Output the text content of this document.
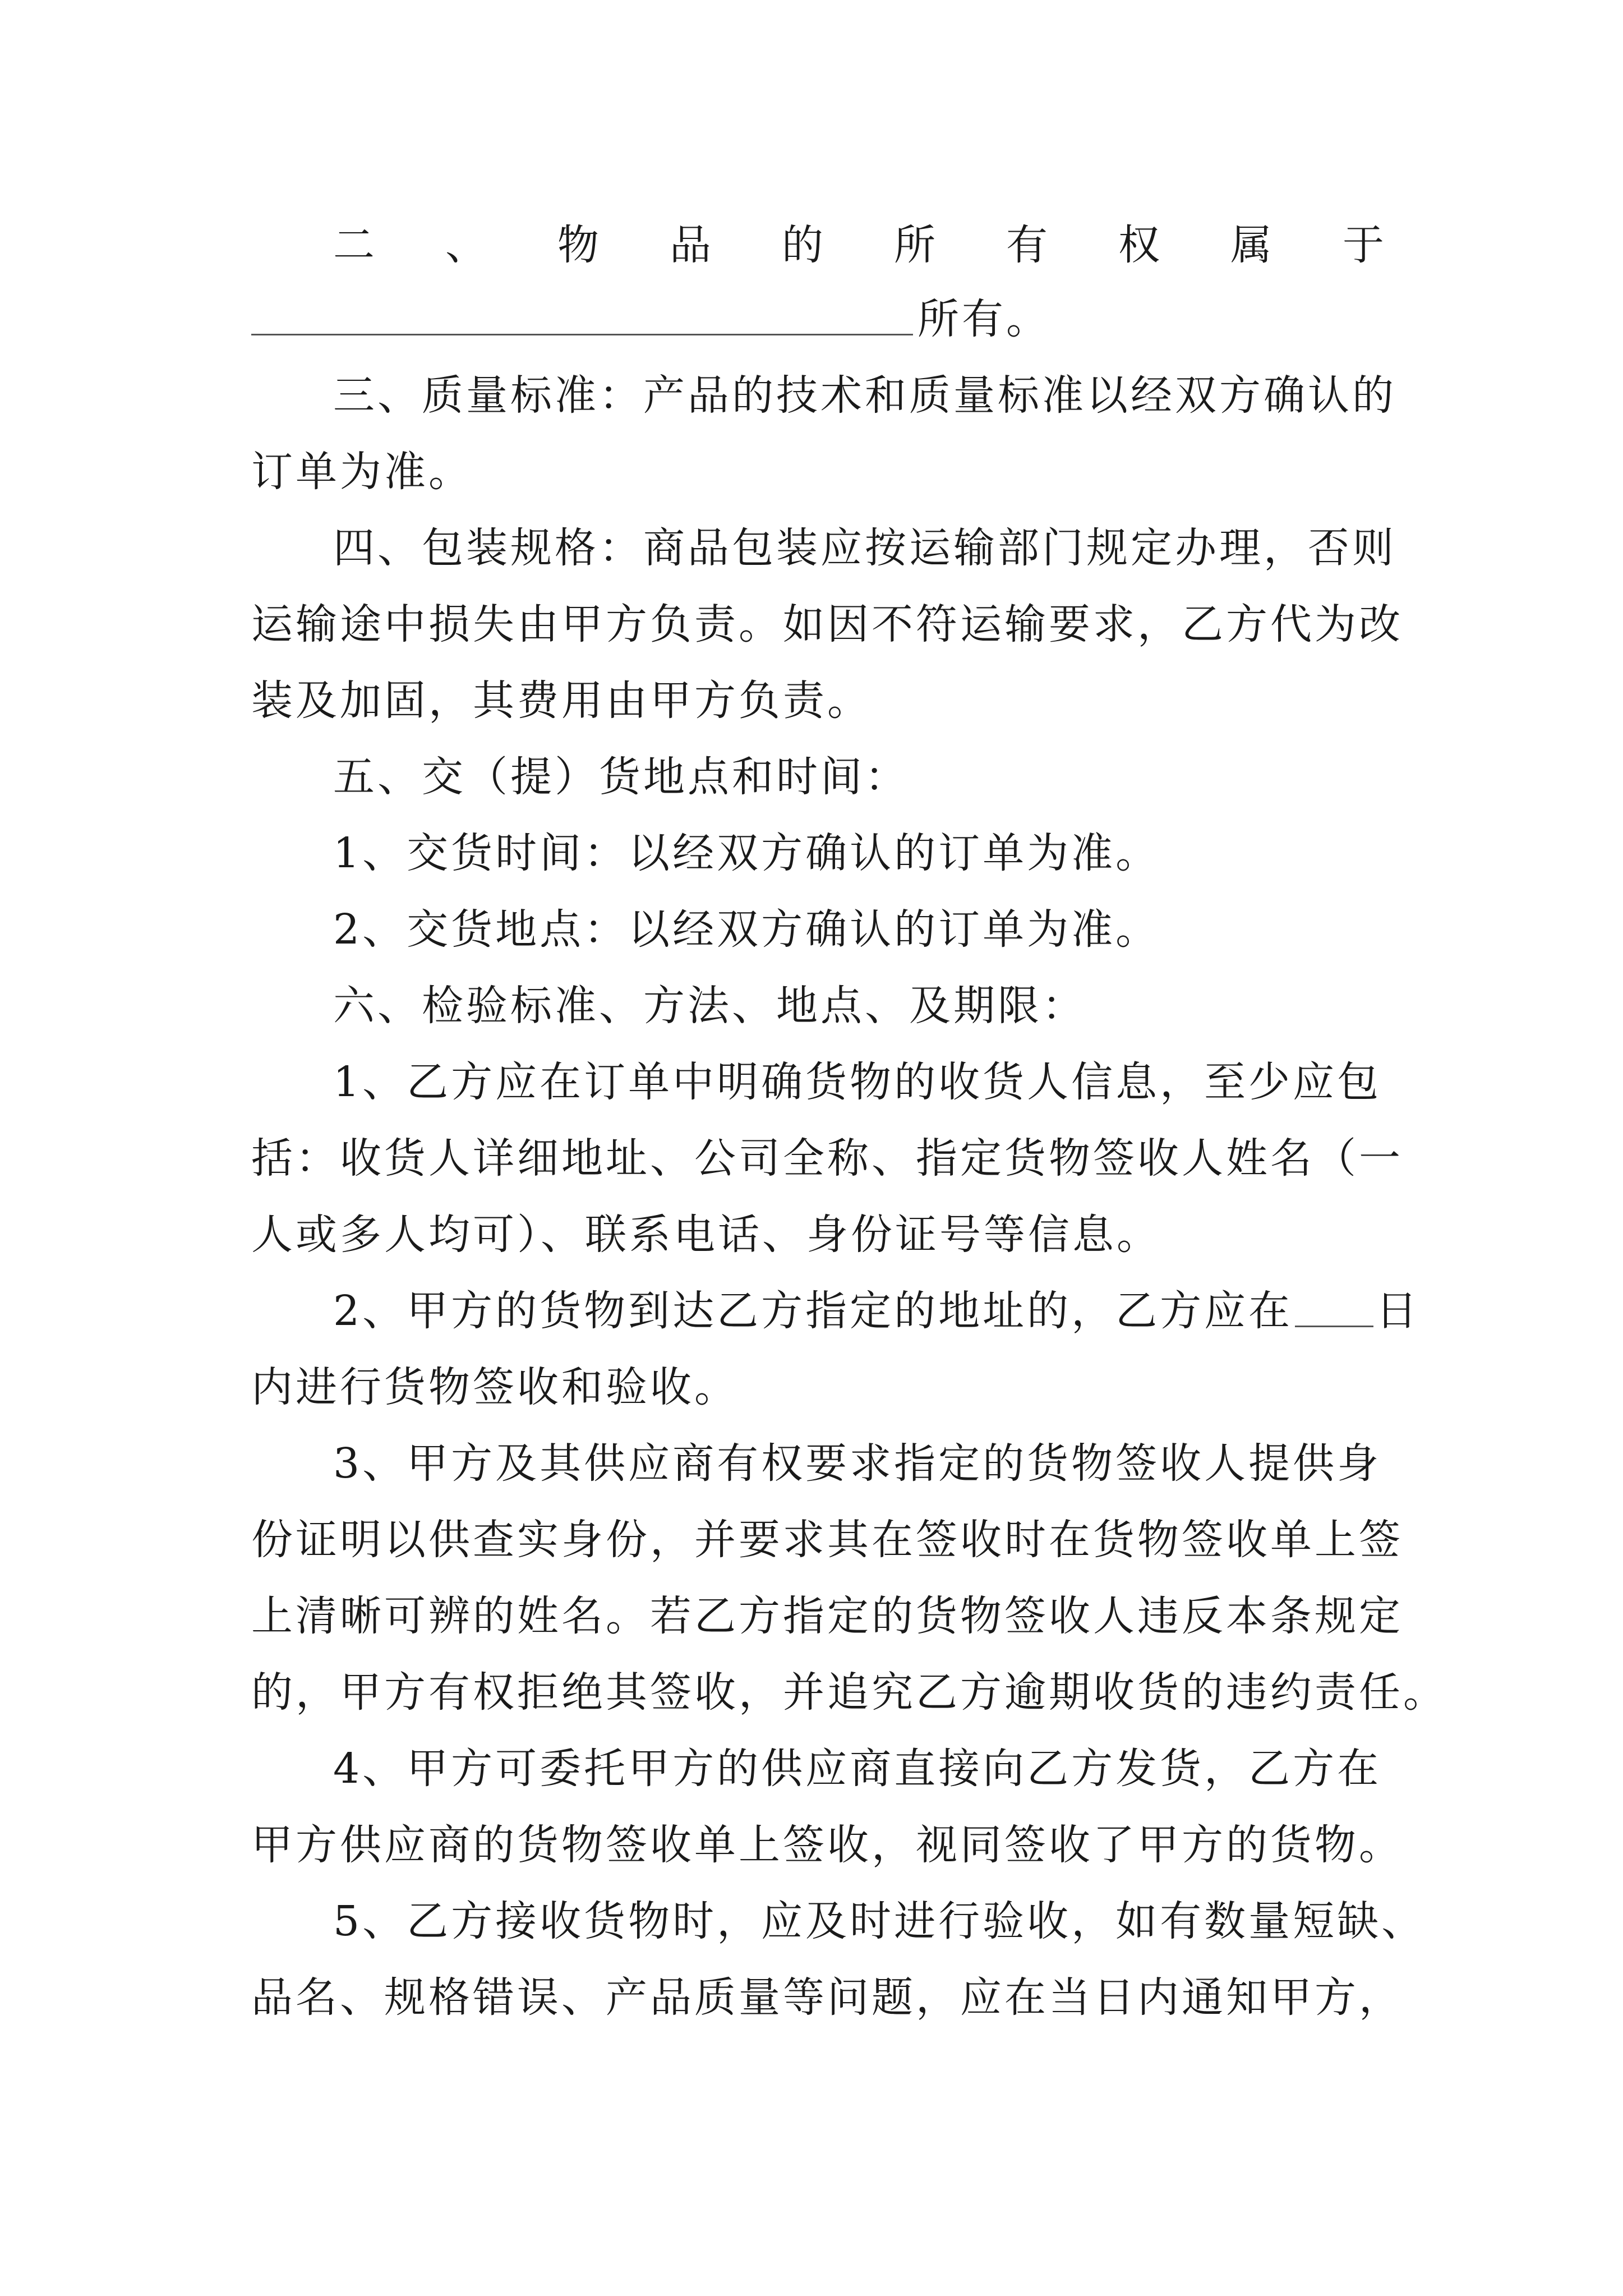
二 、 物 品 的 所 有 权 属 于
所有。
三、质量标准：产品的技术和质量标准以经双方确认的
订单为准。
四、包装规格：商品包装应按运输部门规定办理，否则
运输途中损失由甲方负责。如因不符运输要求，乙方代为改
装及加固，其费用由甲方负责。
五、交（提）货地点和时间：
1、交货时间：以经双方确认的订单为准。
2、交货地点：以经双方确认的订单为准。
六、检验标准、方法、地点、及期限：
1、乙方应在订单中明确货物的收货人信息，至少应包
括：收货人详细地址、公司全称、指定货物签收人姓名（一
人或多人均可）、联系电话、身份证号等信息。
2、甲方的货物到达乙方指定的地址的，乙方应在 日
内进行货物签收和验收。
3、甲方及其供应商有权要求指定的货物签收人提供身
份证明以供查实身份，并要求其在签收时在货物签收单上签
上清晰可辨的姓名。若乙方指定的货物签收人违反本条规定
的，甲方有权拒绝其签收，并追究乙方逾期收货的违约责任。
4、甲方可委托甲方的供应商直接向乙方发货，乙方在
甲方供应商的货物签收单上签收，视同签收了甲方的货物。
5、乙方接收货物时，应及时进行验收，如有数量短缺、
品名、规格错误、产品质量等问题，应在当日内通知甲方，
